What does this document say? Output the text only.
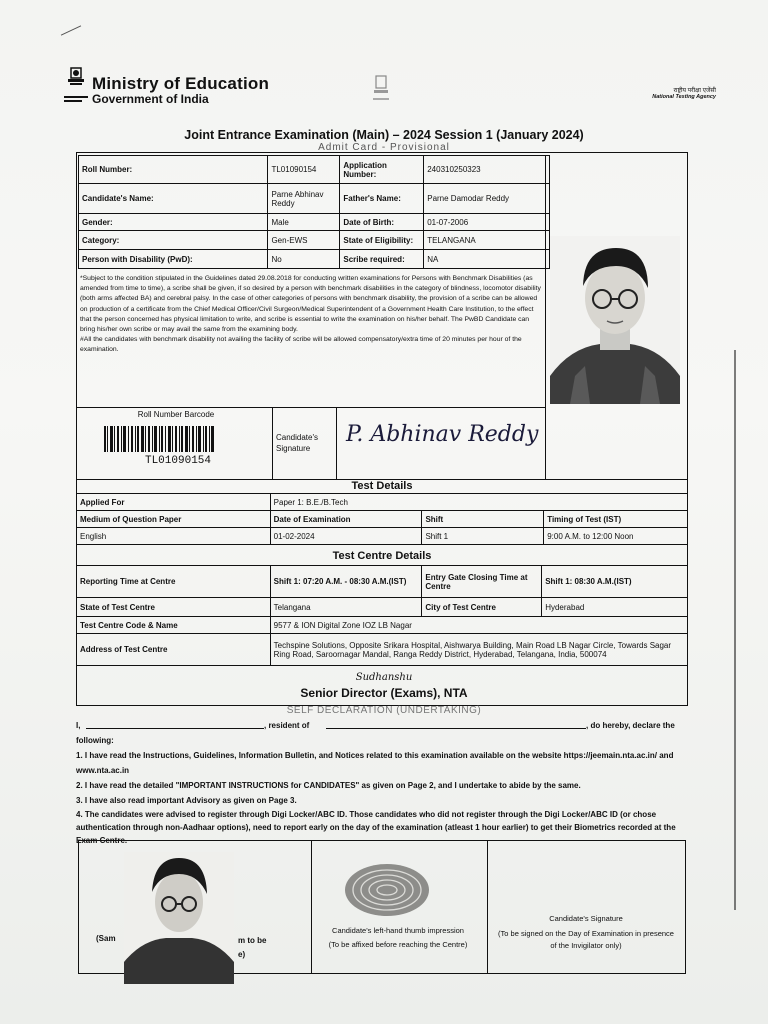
Ministry of Education
Government of India
राष्ट्रीय परीक्षा एजेंसी
National Testing Agency
Joint Entrance Examination (Main) – 2024 Session 1 (January 2024)
Admit Card - Provisional
Roll Number:	TL01090154	Application Number:	240310250323
Candidate's Name:	Parne Abhinav Reddy	Father's Name:	Parne Damodar Reddy
Gender:	Male	Date of Birth:	01-07-2006
Category:	Gen-EWS	State of Eligibility:	TELANGANA
Person with Disability (PwD):	No	Scribe required:	NA
*Subject to the condition stipulated in the Guidelines dated 29.08.2018 for conducting written examinations for Persons with Benchmark Disabilities (as amended from time to time), a scribe shall be given, if so desired by a person with benchmark disabilities in the category of blindness, locomotor disability (both arms affected BA) and cerebral palsy. In the case of other categories of persons with benchmark disability, the provision of a scribe can be allowed on production of a certificate from the Chief Medical Officer/Civil Surgeon/Medical Superintendent of a Government Health Care Institution, to the effect that the person concerned has physical limitation to write, and scribe is essential to write the examination on his/her behalf. The PwBD Candidate can bring his/her own scribe or may avail the same from the examining body.
#All the candidates with benchmark disability not availing the facility of scribe will be allowed compensatory/extra time of 20 minutes per hour of the examination.
Roll Number Barcode
TL01090154
Candidate's Signature
P. Abhinav Reddy
Test Details
Applied For	Paper 1: B.E./B.Tech		
Medium of Question Paper	Date of Examination	Shift	Timing of Test (IST)
English	01-02-2024	Shift 1	9:00 A.M. to 12:00 Noon
Test Centre Details
Reporting Time at Centre	Shift 1: 07:20 A.M. - 08:30 A.M.(IST)	Entry Gate Closing Time at Centre	Shift 1: 08:30 A.M.(IST)
State of Test Centre	Telangana	City of Test Centre	Hyderabad
Test Centre Code & Name	9577 & ION Digital Zone IOZ LB Nagar		
Address of Test Centre	Techspine Solutions, Opposite Srikara Hospital, Aishwarya Building, Main Road LB Nagar Circle, Towards Sagar Ring Road, Saroornagar Mandal, Ranga Reddy District, Hyderabad, Telangana, India, 500074		
Sudhanshu
Senior Director (Exams), NTA
SELF DECLARATION (UNDERTAKING)
I,	, resident of	, do hereby, declare the
following:
1. I have read the Instructions, Guidelines, Information Bulletin, and Notices related to this examination available on the website https://jeemain.nta.ac.in/ and www.nta.ac.in
2. I have read the detailed "IMPORTANT INSTRUCTIONS for CANDIDATES" as given on Page 2, and I undertake to abide by the same.
3. I have also read important Advisory as given on Page 3.
4. The candidates were advised to register through Digi Locker/ABC ID. Those candidates who did not register through the Digi Locker/ABC ID (or chose authentication through non-Aadhaar options), need to report early on the day of the examination (atleast 1 hour earlier) to get their Biometrics recorded at the Exam Centre.
(Sam	m to be
e)
Candidate's left-hand thumb impression
(To be affixed before reaching the Centre)
Candidate's Signature
(To be signed on the Day of Examination in presence of the Invigilator only)
